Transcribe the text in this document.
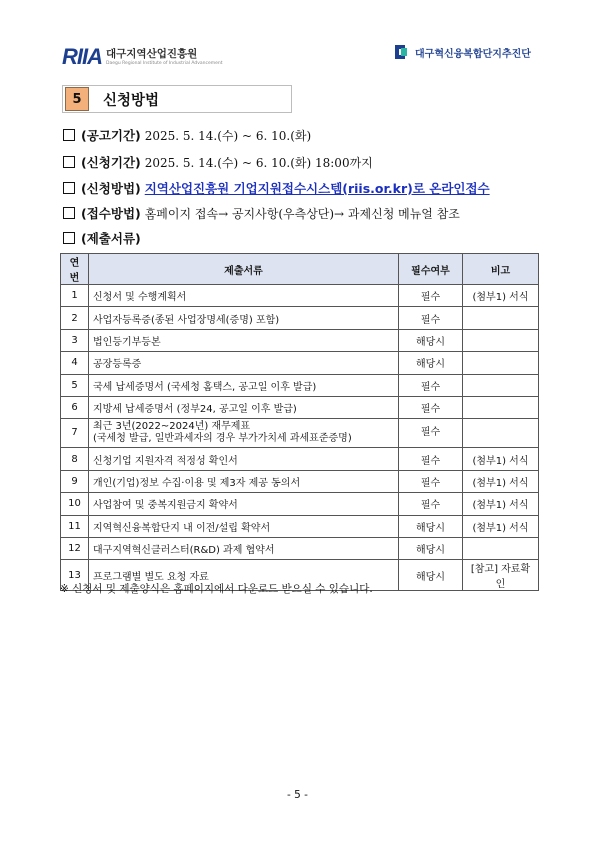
RIIA 대구지역산업진흥원
Daegu Regional Institute of Industrial Advancement
대구혁신융복합단지추진단
5	신청방법
(공고기간) 2025. 5. 14.(수) ~ 6. 10.(화)
(신청기간) 2025. 5. 14.(수) ~ 6. 10.(화) 18:00까지
(신청방법) 지역산업진흥원 기업지원접수시스템(riis.or.kr)로 온라인접수
(접수방법) 홈페이지 접속→ 공지사항(우측상단)→ 과제신청 메뉴얼 참조
(제출서류)
연번	제출서류	필수여부	비고
1	신청서 및 수행계획서	필수	(첨부1) 서식
2	사업자등록증(종된 사업장명세(증명) 포함)	필수	
3	법인등기부등본	해당시	
4	공장등록증	해당시	
5	국세 납세증명서 (국세청 홈택스, 공고일 이후 발급)	필수	
6	지방세 납세증명서 (정부24, 공고일 이후 발급)	필수	
7	최근 3년(2022~2024년) 재무제표
(국세청 발급, 일반과세자의 경우 부가가치세 과세표준증명)	필수	
8	신청기업 지원자격 적정성 확인서	필수	(첨부1) 서식
9	개인(기업)정보 수집·이용 및 제3자 제공 동의서	필수	(첨부1) 서식
10	사업참여 및 중복지원금지 확약서	필수	(첨부1) 서식
11	지역혁신융복합단지 내 이전/설립 확약서	해당시	(첨부1) 서식
12	대구지역혁신클러스터(R&D) 과제 협약서	해당시	
13	프로그램별 별도 요청 자료	해당시	[참고] 자료확인
※ 신청서 및 제출양식은 홈페이지에서 다운로드 받으실 수 있습니다.
- 5 -
